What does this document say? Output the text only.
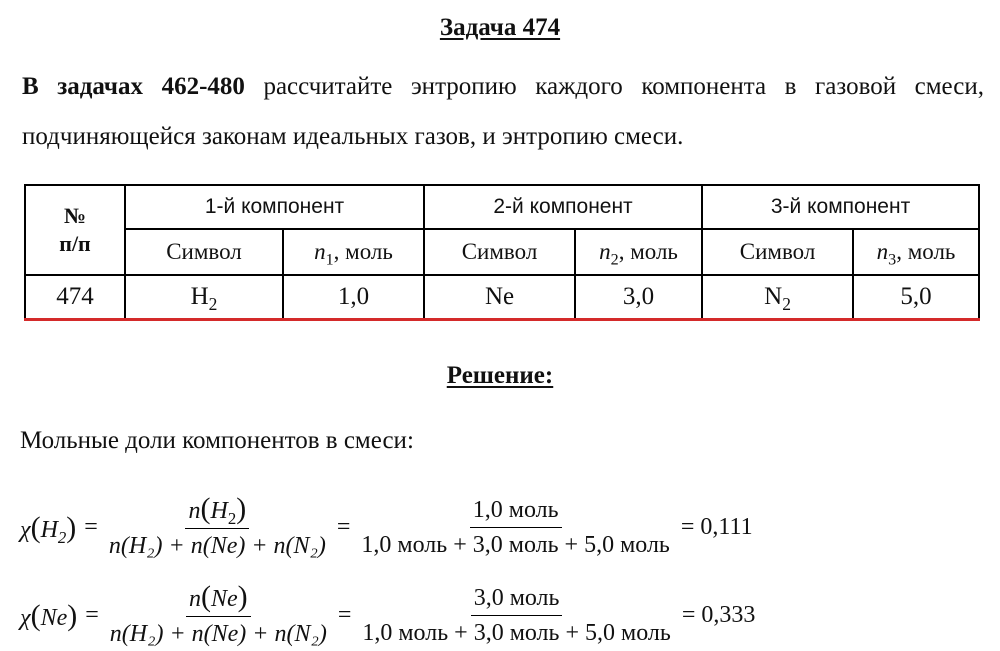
Задача 474
В задачах 462-480 рассчитайте энтропию каждого компонента в газовой смеси, подчиняющейся законам идеальных газов, и энтропию смеси.
№
п/п	1-й компонент		2-й компонент		3-й компонент	
	Символ	$n_1$, моль	Символ	$n_2$, моль	Символ	$n_3$, моль
474	$H_2$	1,0	Ne	3,0	$N_2$	5,0
Решение:
Мольные доли компонентов в смеси:
$\chi(H_2) = \frac{n(H_2)}{\text{n(H₂) + n(Ne) + n(N₂)}} = \frac{\text{1,0 моль}}{\text{1,0 моль + 3,0 моль + 5,0 моль}} = 0,111$
$\chi(Ne) = \frac{n(Ne)}{\text{n(H₂) + n(Ne) + n(N₂)}} = \frac{\text{3,0 моль}}{\text{1,0 моль + 3,0 моль + 5,0 моль}} = 0,333$
